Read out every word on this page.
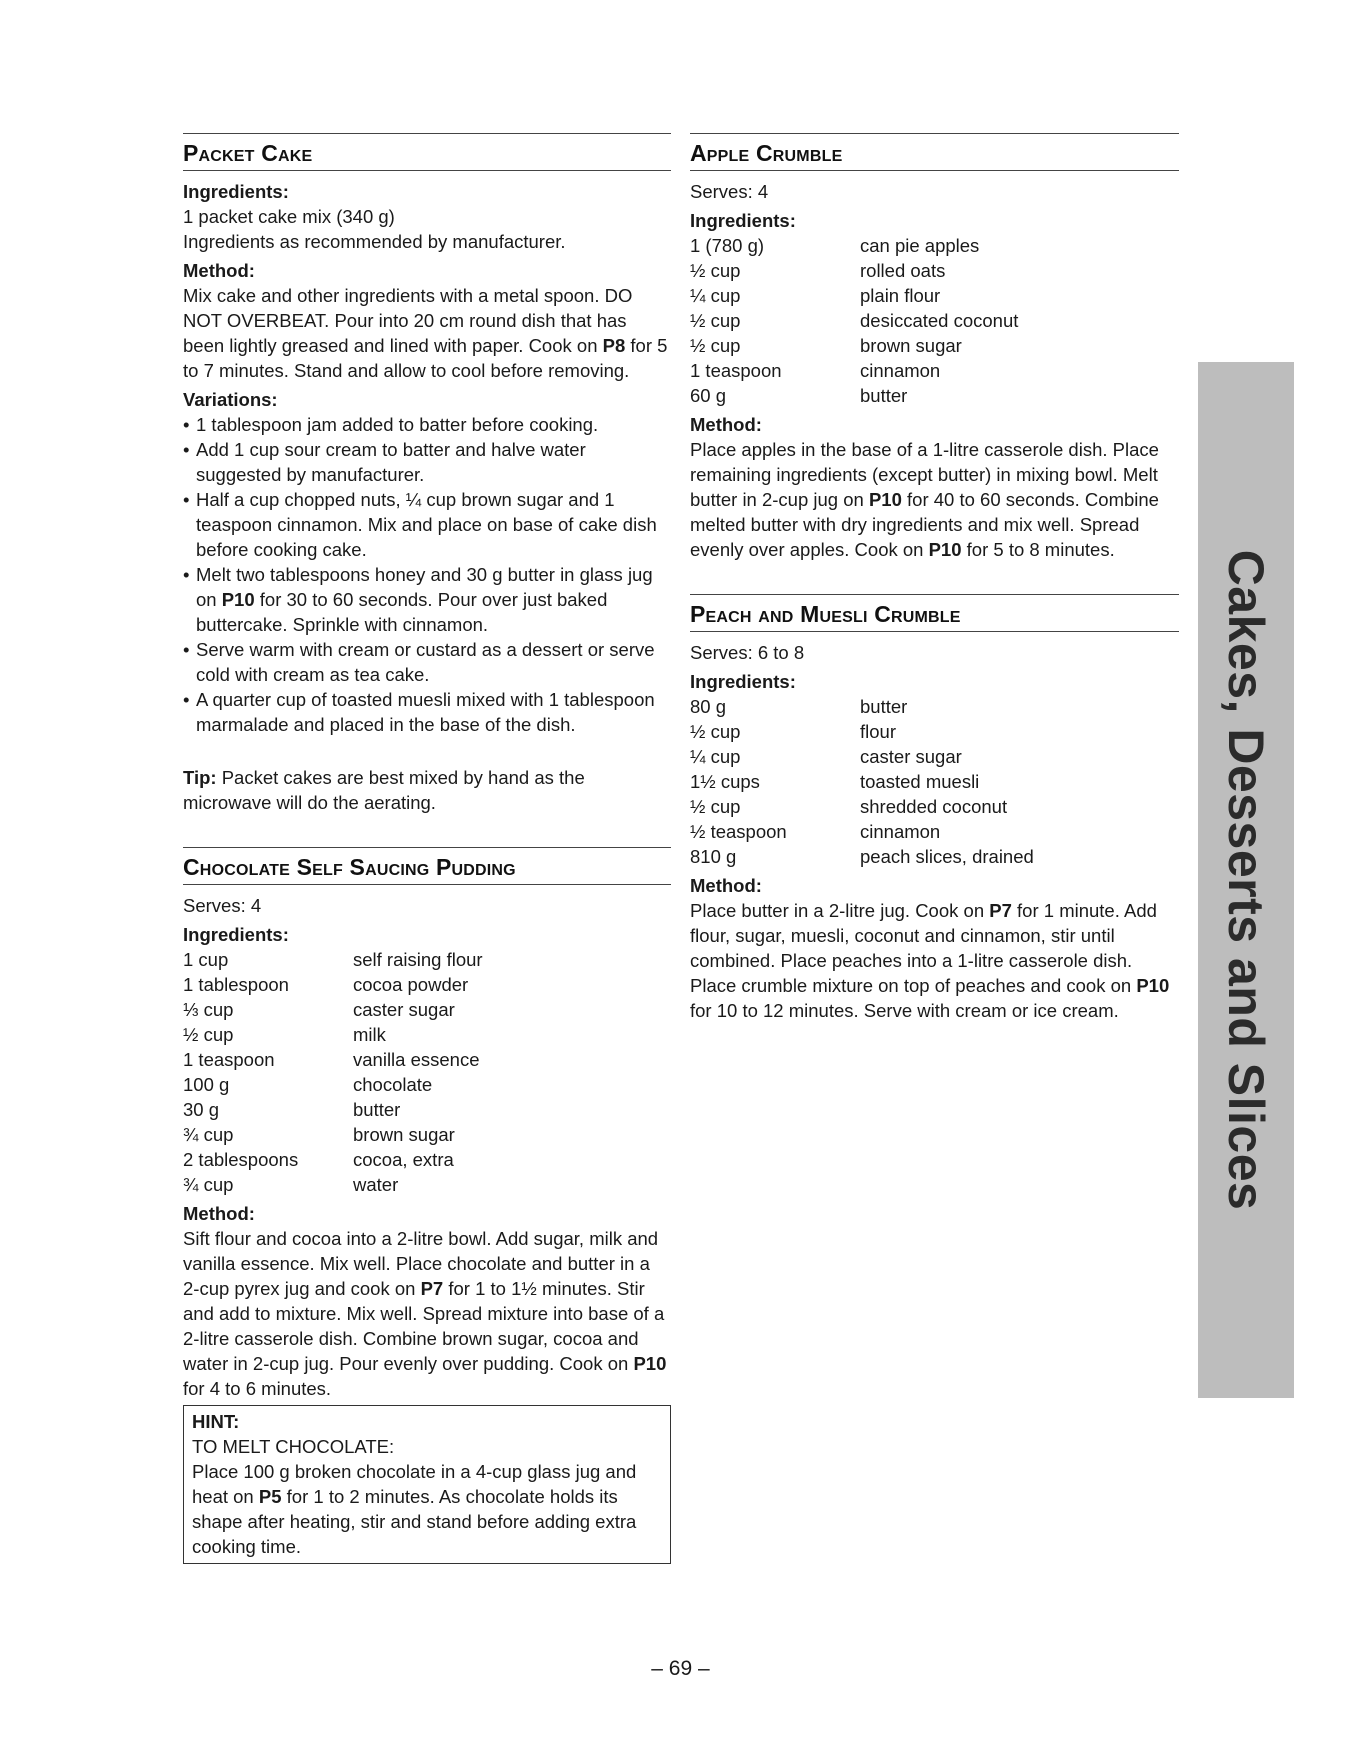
Packet Cake
Ingredients:

1 packet cake mix (340 g)

Ingredients as recommended by manufacturer.

Method:

Mix cake and other ingredients with a metal spoon. DO NOT OVERBEAT. Pour into 20 cm round dish that has been lightly greased and lined with paper. Cook on P8 for 5 to 7 minutes. Stand and allow to cool before removing.

Variations:
• 1 tablespoon jam added to batter before cooking.
• Add 1 cup sour cream to batter and halve water suggested by manufacturer.
• Half a cup chopped nuts, ¼ cup brown sugar and 1 teaspoon cinnamon. Mix and place on base of cake dish before cooking cake.
• Melt two tablespoons honey and 30 g butter in glass jug on P10 for 30 to 60 seconds. Pour over just baked buttercake. Sprinkle with cinnamon.
• Serve warm with cream or custard as a dessert or serve cold with cream as tea cake.
• A quarter cup of toasted muesli mixed with 1 tablespoon marmalade and placed in the base of the dish.

Tip: Packet cakes are best mixed by hand as the microwave will do the aerating.

Chocolate Self Saucing Pudding

Serves: 4

Ingredients:
1 cup	self raising flour
1 tablespoon	cocoa powder
⅓ cup	caster sugar
½ cup	milk
1 teaspoon	vanilla essence
100 g	chocolate
30 g	butter
¾ cup	brown sugar
2 tablespoons	cocoa, extra
¾ cup	water
Method:

Sift flour and cocoa into a 2-litre bowl. Add sugar, milk and vanilla essence. Mix well. Place chocolate and butter in a 2-cup pyrex jug and cook on P7 for 1 to 1½ minutes. Stir and add to mixture. Mix well. Spread mixture into base of a 2-litre casserole dish. Combine brown sugar, cocoa and water in 2-cup jug. Pour evenly over pudding. Cook on P10 for 4 to 6 minutes.

HINT:

TO MELT CHOCOLATE:

Place 100 g broken chocolate in a 4-cup glass jug and heat on P5 for 1 to 2 minutes. As chocolate holds its shape after heating, stir and stand before adding extra cooking time.

Apple Crumble

Serves: 4

Ingredients:
1 (780 g)	can pie apples
½ cup	rolled oats
¼ cup	plain flour
½ cup	desiccated coconut
½ cup	brown sugar
1 teaspoon	cinnamon
60 g	butter
Method:

Place apples in the base of a 1-litre casserole dish. Place remaining ingredients (except butter) in mixing bowl. Melt butter in 2-cup jug on P10 for 40 to 60 seconds. Combine melted butter with dry ingredients and mix well. Spread evenly over apples. Cook on P10 for 5 to 8 minutes.

Peach and Muesli Crumble

Serves: 6 to 8

Ingredients:
80 g	butter
½ cup	flour
¼ cup	caster sugar
1½ cups	toasted muesli
½ cup	shredded coconut
½ teaspoon	cinnamon
810 g	peach slices, drained
Method:

Place butter in a 2-litre jug. Cook on P7 for 1 minute. Add flour, sugar, muesli, coconut and cinnamon, stir until combined. Place peaches into a 1-litre casserole dish. Place crumble mixture on top of peaches and cook on P10 for 10 to 12 minutes. Serve with cream or ice cream.	Cakes, Desserts and Slices
– 69 –
